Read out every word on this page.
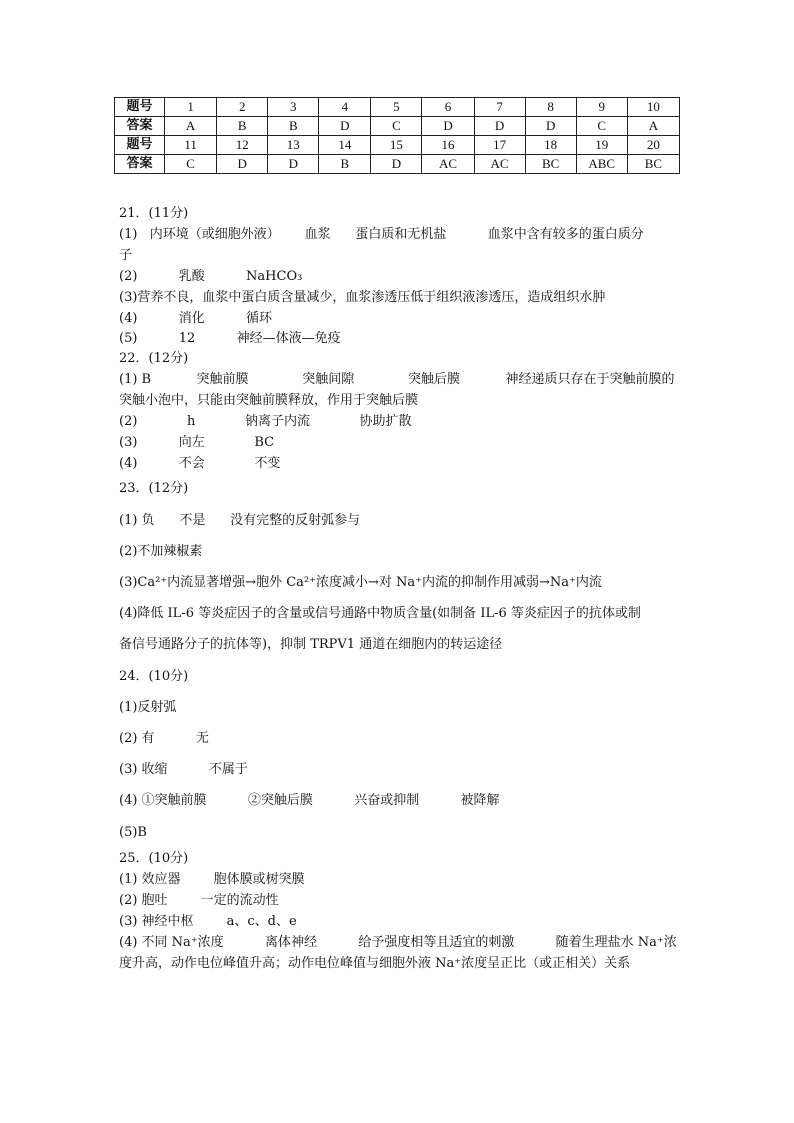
题号	1	2	3	4	5	6	7	8	9	10
答案	A	B	B	D	C	D	D	D	C	A
题号	11	12	13	14	15	16	17	18	19	20
答案	C	D	D	B	D	AC	AC	BC	ABC	BC
21．(11分)
(1)   内环境（或细胞外液）      血浆      蛋白质和无机盐          血浆中含有较多的蛋白质分
子
(2)          乳酸          NaHCO₃
(3)营养不良，血浆中蛋白质含量减少，血浆渗透压低于组织液渗透压，造成组织水肿
(4)          消化          循环
(5)          12          神经—体液—免疫
22．(12分)
(1) B           突触前膜             突触间隙             突触后膜           神经递质只存在于突触前膜的
突触小泡中，只能由突触前膜释放，作用于突触后膜
(2)            h            钠离子内流            协助扩散
(3)          向左            BC
(4)          不会            不变
23．(12分)
(1) 负      不是      没有完整的反射弧参与
(2)不加辣椒素
(3)Ca²⁺内流显著增强→胞外 Ca²⁺浓度减小→对 Na⁺内流的抑制作用减弱→Na⁺内流
(4)降低 IL-6 等炎症因子的含量或信号通路中物质含量(如制备 IL-6 等炎症因子的抗体或制
备信号通路分子的抗体等)，抑制 TRPV1 通道在细胞内的转运途径
24．(10分)
(1)反射弧
(2) 有          无
(3) 收缩          不属于
(4) ①突触前膜          ②突触后膜          兴奋或抑制          被降解
(5)B
25．(10分)
(1) 效应器        胞体膜或树突膜
(2) 胞吐        一定的流动性
(3) 神经中枢        a、c、d、e
(4) 不同 Na⁺浓度          离体神经          给予强度相等且适宜的刺激          随着生理盐水 Na⁺浓
度升高，动作电位峰值升高；动作电位峰值与细胞外液 Na⁺浓度呈正比（或正相关）关系
